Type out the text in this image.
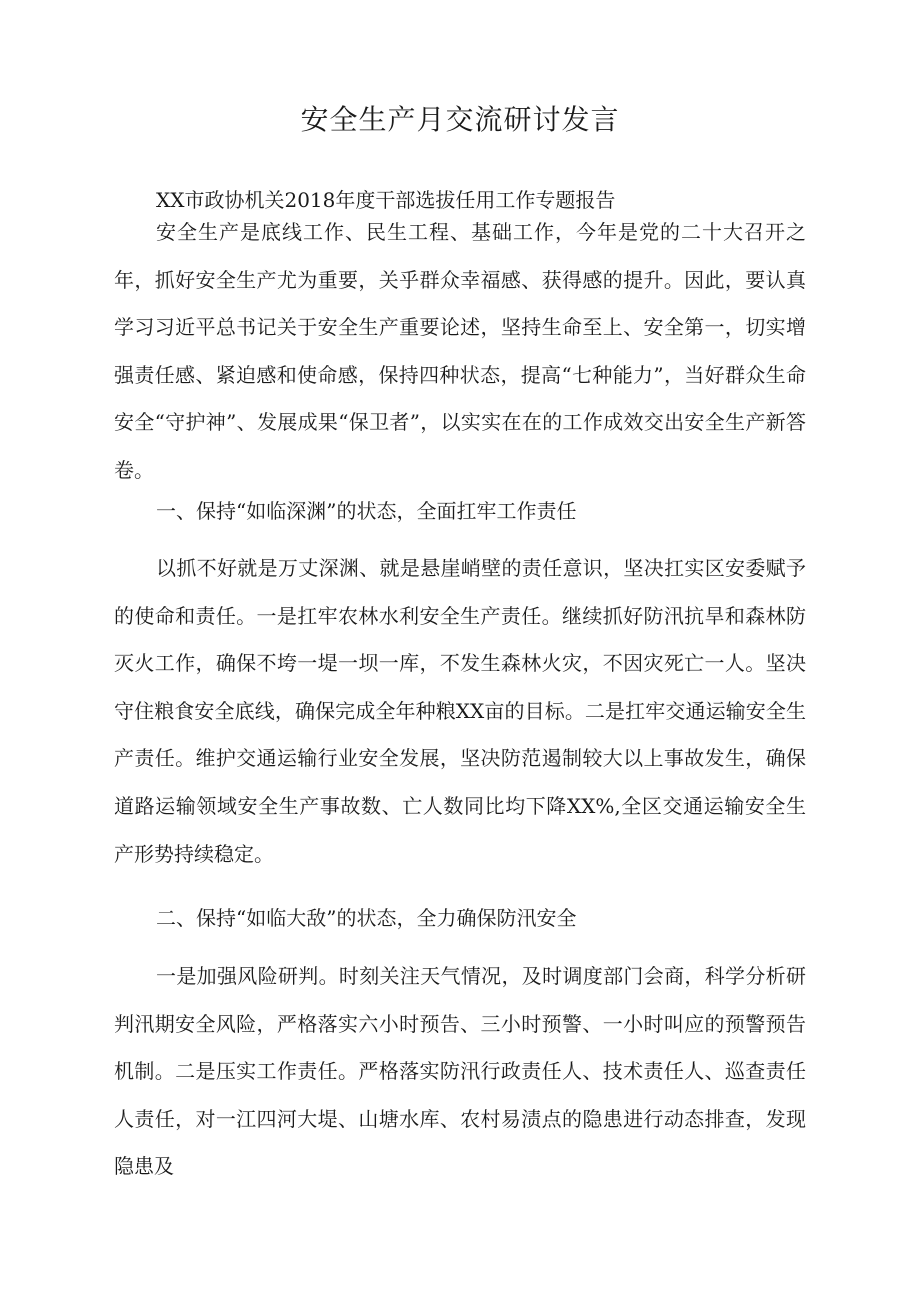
安全生产月交流研讨发言
XX市政协机关2018年度干部选拔任用工作专题报告

安全生产是底线工作、民生工程、基础工作，今年是党的二十大召开之年，抓好安全生产尤为重要，关乎群众幸福感、获得感的提升。因此，要认真学习习近平总书记关于安全生产重要论述，坚持生命至上、安全第一，切实增强责任感、紧迫感和使命感，保持四种状态，提高“七种能力”，当好群众生命安全“守护神”、发展成果“保卫者”，以实实在在的工作成效交出安全生产新答卷。

一、保持“如临深渊”的状态，全面扛牢工作责任

以抓不好就是万丈深渊、就是悬崖峭壁的责任意识，坚决扛实区安委赋予的使命和责任。一是扛牢农林水利安全生产责任。继续抓好防汛抗旱和森林防灭火工作，确保不垮一堤一坝一库，不发生森林火灾，不因灾死亡一人。坚决守住粮食安全底线，确保完成全年种粮XX亩的目标。二是扛牢交通运输安全生产责任。维护交通运输行业安全发展，坚决防范遏制较大以上事故发生，确保道路运输领域安全生产事故数、亡人数同比均下降XX%,全区交通运输安全生产形势持续稳定。

二、保持“如临大敌”的状态，全力确保防汛安全

一是加强风险研判。时刻关注天气情况，及时调度部门会商，科学分析研判汛期安全风险，严格落实六小时预告、三小时预警、一小时叫应的预警预告机制。二是压实工作责任。严格落实防汛行政责任人、技术责任人、巡查责任人责任，对一江四河大堤、山塘水库、农村易渍点的隐患进行动态排查，发现隐患及
